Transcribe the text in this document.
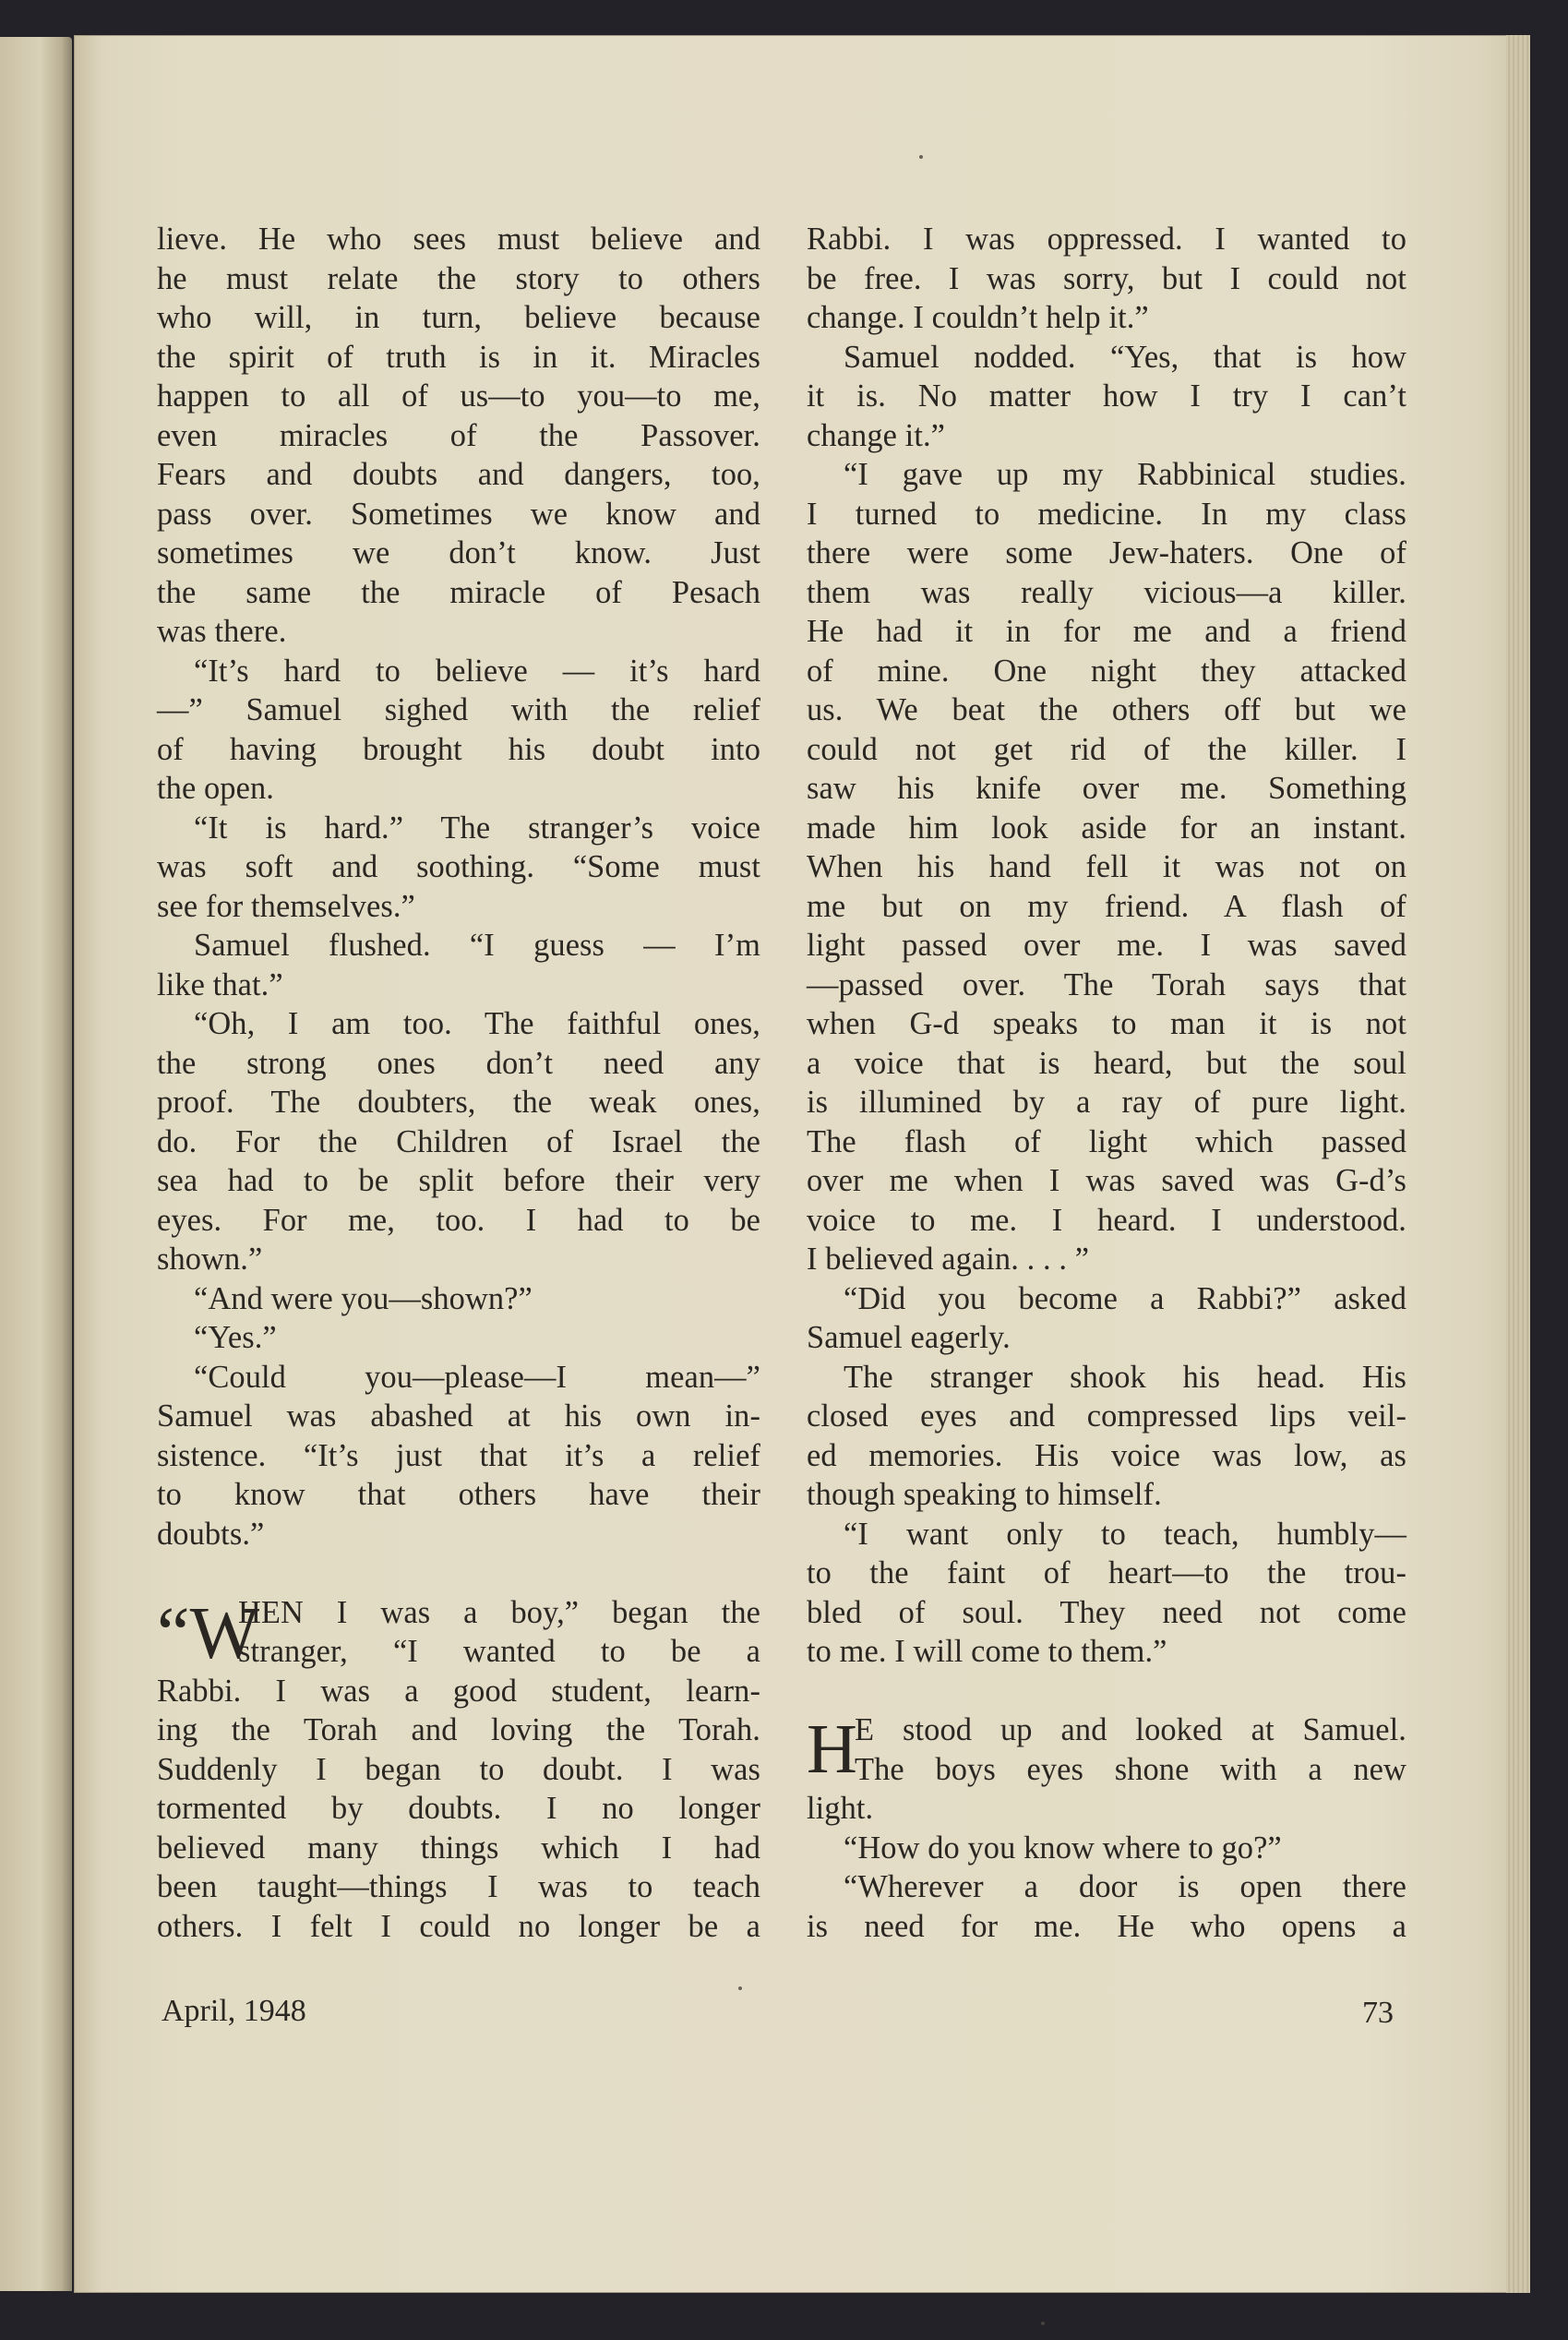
lieve. He who sees must believe and
he must relate the story to others
who will, in turn, believe because
the spirit of truth is in it. Miracles
happen to all of us—to you—to me,
even miracles of the Passover.
Fears and doubts and dangers, too,
pass over. Sometimes we know and
sometimes we don’t know. Just
the same the miracle of Pesach
was there.
“It’s hard to believe — it’s hard
—” Samuel sighed with the relief
of having brought his doubt into
the open.
“It is hard.” The stranger’s voice
was soft and soothing. “Some must
see for themselves.”
Samuel flushed. “I guess — I’m
like that.”
“Oh, I am too. The faithful ones,
the strong ones don’t need any
proof. The doubters, the weak ones,
do. For the Children of Israel the
sea had to be split before their very
eyes. For me, too. I had to be
shown.”
“And were you—shown?”
“Yes.”
“Could you—please—I mean—”
Samuel was abashed at his own in-
sistence. “It’s just that it’s a relief
to know that others have their
doubts.”
“W
HEN I was a boy,” began the
stranger, “I wanted to be a
Rabbi. I was a good student, learn-
ing the Torah and loving the Torah.
Suddenly I began to doubt. I was
tormented by doubts. I no longer
believed many things which I had
been taught—things I was to teach
others. I felt I could no longer be a
Rabbi. I was oppressed. I wanted to
be free. I was sorry, but I could not
change. I couldn’t help it.”
Samuel nodded. “Yes, that is how
it is. No matter how I try I can’t
change it.”
“I gave up my Rabbinical studies.
I turned to medicine. In my class
there were some Jew-haters. One of
them was really vicious—a killer.
He had it in for me and a friend
of mine. One night they attacked
us. We beat the others off but we
could not get rid of the killer. I
saw his knife over me. Something
made him look aside for an instant.
When his hand fell it was not on
me but on my friend. A flash of
light passed over me. I was saved
—passed over. The Torah says that
when G-d speaks to man it is not
a voice that is heard, but the soul
is illumined by a ray of pure light.
The flash of light which passed
over me when I was saved was G-d’s
voice to me. I heard. I understood.
I believed again. . . . ”
“Did you become a Rabbi?” asked
Samuel eagerly.
The stranger shook his head. His
closed eyes and compressed lips veil-
ed memories. His voice was low, as
though speaking to himself.
“I want only to teach, humbly—
to the faint of heart—to the trou-
bled of soul. They need not come
to me. I will come to them.”
H
E stood up and looked at Samuel.
The boys eyes shone with a new
light.
“How do you know where to go?”
“Wherever a door is open there
is need for me. He who opens a
April, 1948	73
